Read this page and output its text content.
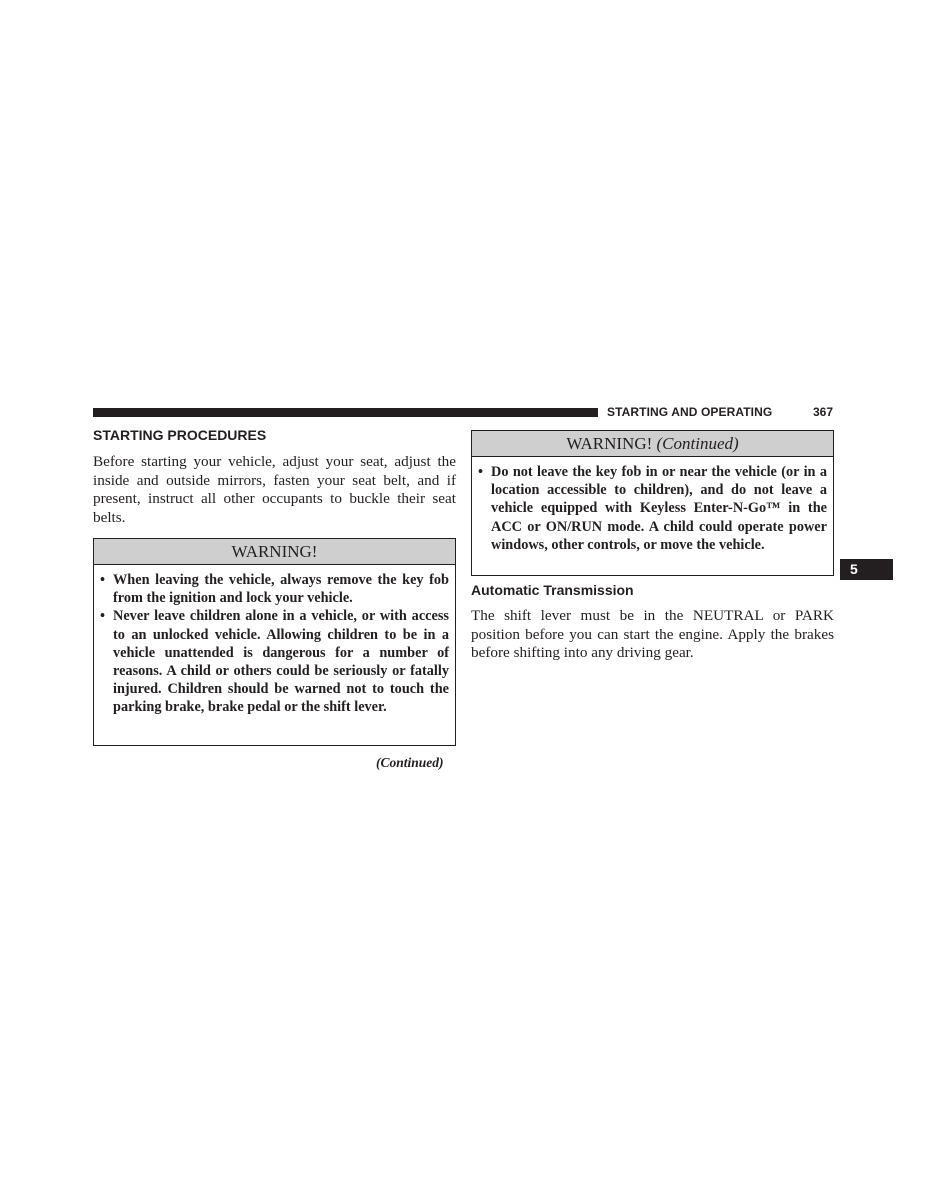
STARTING AND OPERATING	367
5
STARTING PROCEDURES

Before starting your vehicle, adjust your seat, adjust the inside and outside mirrors, fasten your seat belt, and if present, instruct all other occupants to buckle their seat belts.

WARNING!
• When leaving the vehicle, always remove the key fob from the ignition and lock your vehicle.
• Never leave children alone in a vehicle, or with access to an unlocked vehicle. Allowing children to be in a vehicle unattended is dangerous for a number of reasons. A child or others could be seriously or fatally injured. Children should be warned not to touch the parking brake, brake pedal or the shift lever.
(Continued)
WARNING! (Continued)
• Do not leave the key fob in or near the vehicle (or in a location accessible to children), and do not leave a vehicle equipped with Keyless Enter-N-Go™ in the ACC or ON/RUN mode. A child could operate power windows, other controls, or move the vehicle.
Automatic Transmission

The shift lever must be in the NEUTRAL or PARK position before you can start the engine. Apply the brakes before shifting into any driving gear.
